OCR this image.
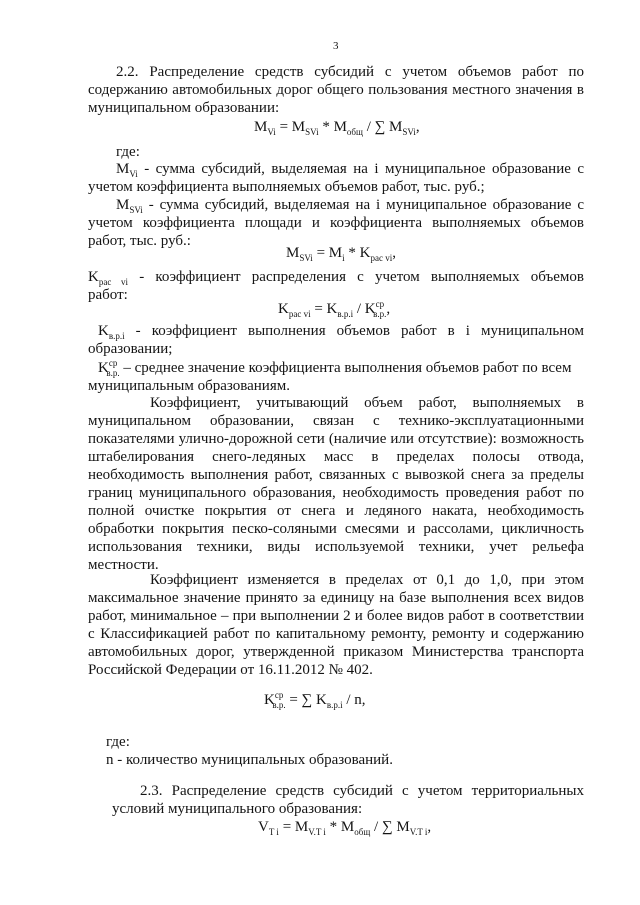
3
2.2. Распределение средств субсидий с учетом объемов работ по
содержанию автомобильных дорог общего пользования местного значения в
муниципальном образовании:
$M_{Vi} = M_{SVi} * M_{общ}$ / ∑ $M_{SVi}$,
где:
$M_{Vi}$ - сумма субсидий, выделяемая на i муниципальное образование с
учетом коэффициента выполняемых объемов работ, тыс. руб.;
$M_{SVi}$ - сумма субсидий, выделяемая на i муниципальное образование с
учетом коэффициента площади и коэффициента выполняемых объемов
работ, тыс. руб.:
$M_{SVi} = M_i * K_{рас vi}$,
$K_{рас vi}$ - коэффициент распределения с учетом выполняемых объемов
работ:
$K_{рас vi} = K_{в.р.i} / K^{ср}_{в.р.}$,
$K_{в.р.i}$ - коэффициент выполнения объемов работ в i муниципальном
образовании;
$K^{ср}_{в.р.}$ – среднее значение коэффициента выполнения объемов работ по всем
муниципальным образованиям.
Коэффициент, учитывающий объем работ, выполняемых в
муниципальном образовании, связан с технико-эксплуатационными
показателями улично-дорожной сети (наличие или отсутствие): возможность
штабелирования снего-ледяных масс в пределах полосы отвода,
необходимость выполнения работ, связанных с вывозкой снега за пределы
границ муниципального образования, необходимость проведения работ по
полной очистке покрытия от снега и ледяного наката, необходимость
обработки покрытия песко-соляными смесями и рассолами, цикличность
использования техники, виды используемой техники, учет рельефа
местности.
Коэффициент изменяется в пределах от 0,1 до 1,0, при этом
максимальное значение принято за единицу на базе выполнения всех видов
работ, минимальное – при выполнении 2 и более видов работ в соответствии
с Классификацией работ по капитальному ремонту, ремонту и содержанию
автомобильных дорог, утвержденной приказом Министерства транспорта
Российской Федерации от 16.11.2012 № 402.
$K^{ср}_{в.р.}$ = ∑ $K_{в.р.i}$ / n,
где:
n - количество муниципальных образований.
2.3. Распределение средств субсидий с учетом территориальных
условий муниципального образования:
$V_{T i} = M_{V.T i} * M_{общ}$ / ∑ $M_{V.T i}$,
